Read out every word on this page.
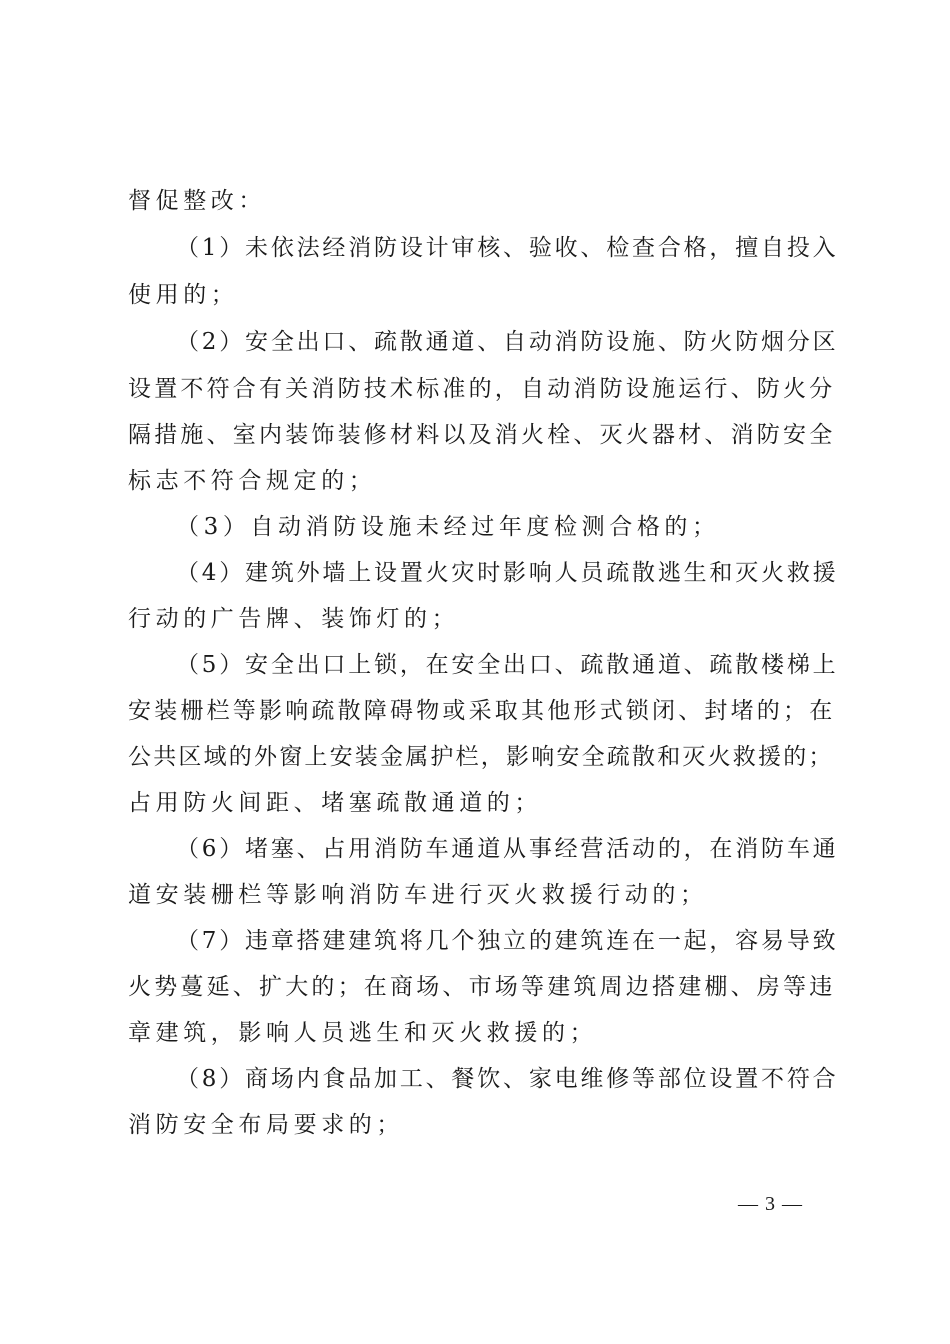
督促整改：
（1）未依法经消防设计审核、验收、检查合格，擅自投入
使用的；
（2）安全出口、疏散通道、自动消防设施、防火防烟分区
设置不符合有关消防技术标准的，自动消防设施运行、防火分
隔措施、室内装饰装修材料以及消火栓、灭火器材、消防安全
标志不符合规定的；
（3）自动消防设施未经过年度检测合格的；
（4）建筑外墙上设置火灾时影响人员疏散逃生和灭火救援
行动的广告牌、装饰灯的；
（5）安全出口上锁，在安全出口、疏散通道、疏散楼梯上
安装栅栏等影响疏散障碍物或采取其他形式锁闭、封堵的；在
公共区域的外窗上安装金属护栏，影响安全疏散和灭火救援的；
占用防火间距、堵塞疏散通道的；
（6）堵塞、占用消防车通道从事经营活动的，在消防车通
道安装栅栏等影响消防车进行灭火救援行动的；
（7）违章搭建建筑将几个独立的建筑连在一起，容易导致
火势蔓延、扩大的；在商场、市场等建筑周边搭建棚、房等违
章建筑，影响人员逃生和灭火救援的；
（8）商场内食品加工、餐饮、家电维修等部位设置不符合
消防安全布局要求的；
— 3 —
